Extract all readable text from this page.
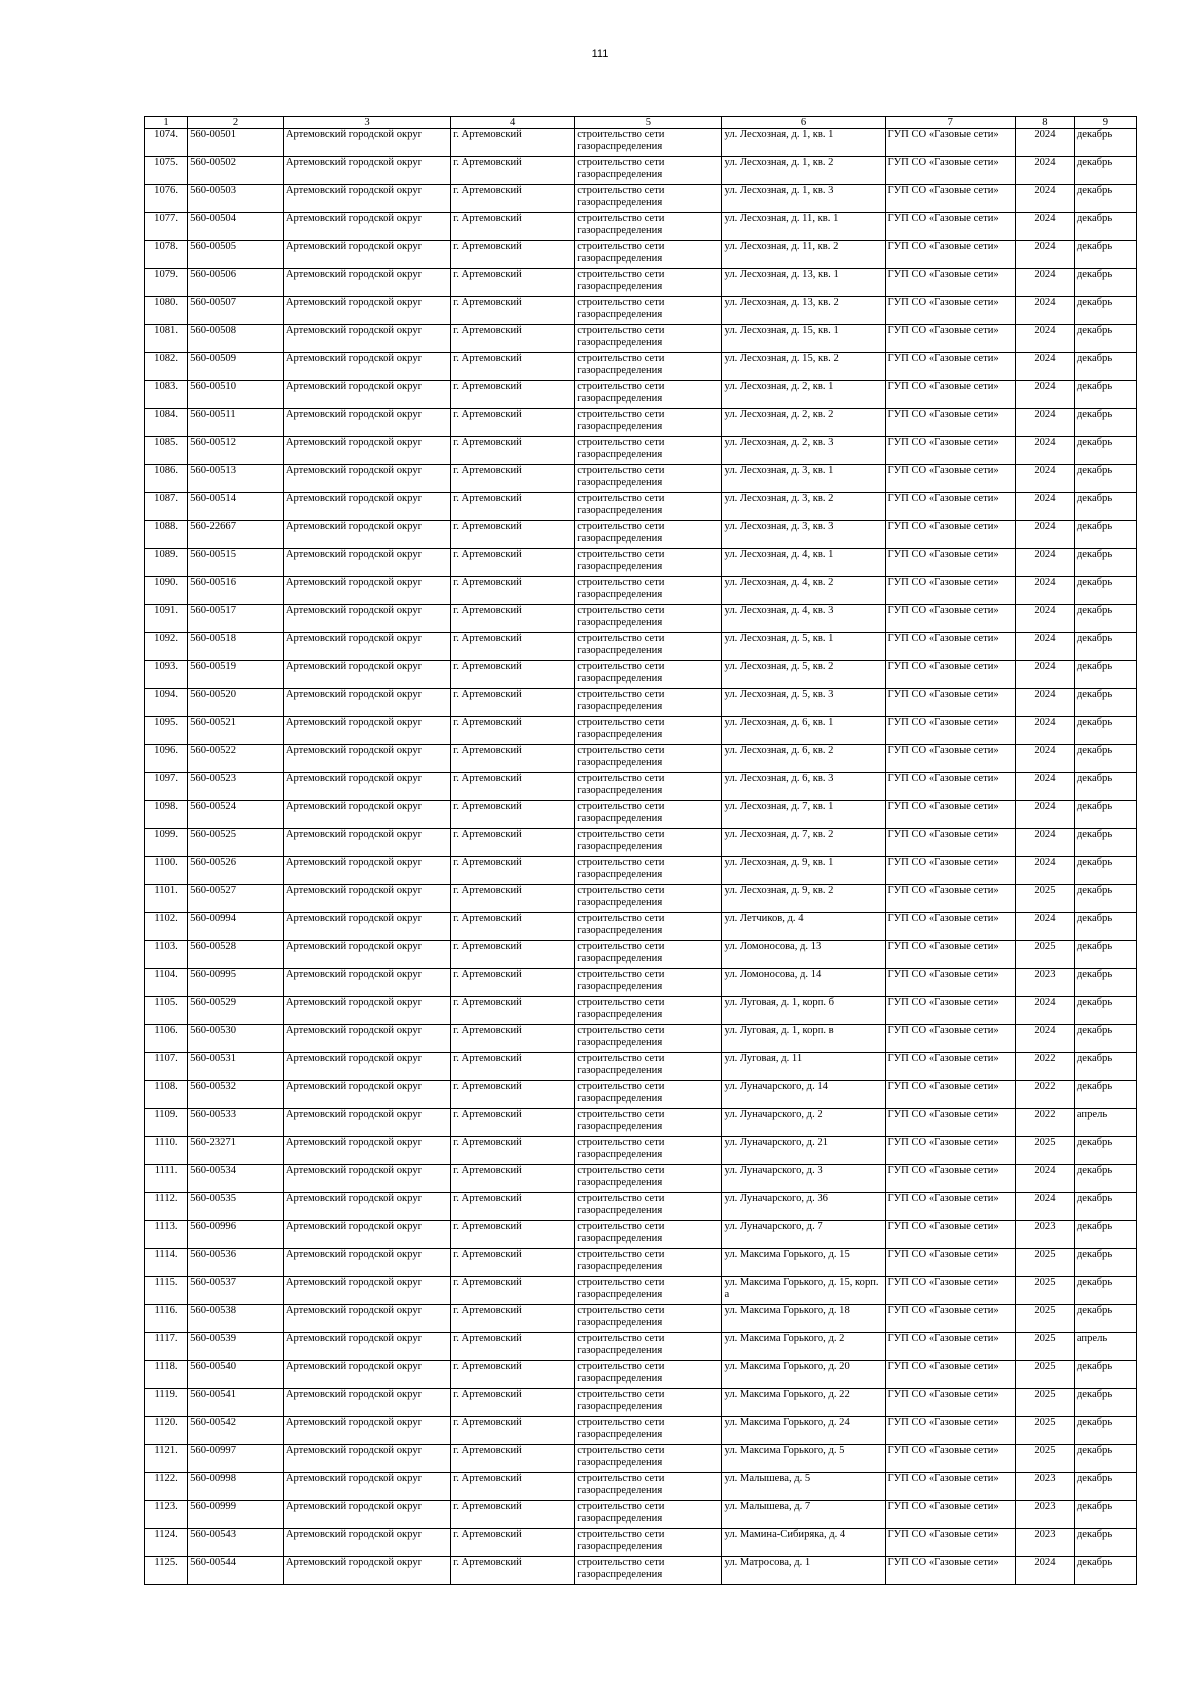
111
1	2	3	4	5	6	7	8	9
1074.	560-00501	Артемовский городской округ	г. Артемовский	строительство сети газораспределения	ул. Лесхозная, д. 1, кв. 1	ГУП СО «Газовые сети»	2024	декабрь
1075.	560-00502	Артемовский городской округ	г. Артемовский	строительство сети газораспределения	ул. Лесхозная, д. 1, кв. 2	ГУП СО «Газовые сети»	2024	декабрь
1076.	560-00503	Артемовский городской округ	г. Артемовский	строительство сети газораспределения	ул. Лесхозная, д. 1, кв. 3	ГУП СО «Газовые сети»	2024	декабрь
1077.	560-00504	Артемовский городской округ	г. Артемовский	строительство сети газораспределения	ул. Лесхозная, д. 11, кв. 1	ГУП СО «Газовые сети»	2024	декабрь
1078.	560-00505	Артемовский городской округ	г. Артемовский	строительство сети газораспределения	ул. Лесхозная, д. 11, кв. 2	ГУП СО «Газовые сети»	2024	декабрь
1079.	560-00506	Артемовский городской округ	г. Артемовский	строительство сети газораспределения	ул. Лесхозная, д. 13, кв. 1	ГУП СО «Газовые сети»	2024	декабрь
1080.	560-00507	Артемовский городской округ	г. Артемовский	строительство сети газораспределения	ул. Лесхозная, д. 13, кв. 2	ГУП СО «Газовые сети»	2024	декабрь
1081.	560-00508	Артемовский городской округ	г. Артемовский	строительство сети газораспределения	ул. Лесхозная, д. 15, кв. 1	ГУП СО «Газовые сети»	2024	декабрь
1082.	560-00509	Артемовский городской округ	г. Артемовский	строительство сети газораспределения	ул. Лесхозная, д. 15, кв. 2	ГУП СО «Газовые сети»	2024	декабрь
1083.	560-00510	Артемовский городской округ	г. Артемовский	строительство сети газораспределения	ул. Лесхозная, д. 2, кв. 1	ГУП СО «Газовые сети»	2024	декабрь
1084.	560-00511	Артемовский городской округ	г. Артемовский	строительство сети газораспределения	ул. Лесхозная, д. 2, кв. 2	ГУП СО «Газовые сети»	2024	декабрь
1085.	560-00512	Артемовский городской округ	г. Артемовский	строительство сети газораспределения	ул. Лесхозная, д. 2, кв. 3	ГУП СО «Газовые сети»	2024	декабрь
1086.	560-00513	Артемовский городской округ	г. Артемовский	строительство сети газораспределения	ул. Лесхозная, д. 3, кв. 1	ГУП СО «Газовые сети»	2024	декабрь
1087.	560-00514	Артемовский городской округ	г. Артемовский	строительство сети газораспределения	ул. Лесхозная, д. 3, кв. 2	ГУП СО «Газовые сети»	2024	декабрь
1088.	560-22667	Артемовский городской округ	г. Артемовский	строительство сети газораспределения	ул. Лесхозная, д. 3, кв. 3	ГУП СО «Газовые сети»	2024	декабрь
1089.	560-00515	Артемовский городской округ	г. Артемовский	строительство сети газораспределения	ул. Лесхозная, д. 4, кв. 1	ГУП СО «Газовые сети»	2024	декабрь
1090.	560-00516	Артемовский городской округ	г. Артемовский	строительство сети газораспределения	ул. Лесхозная, д. 4, кв. 2	ГУП СО «Газовые сети»	2024	декабрь
1091.	560-00517	Артемовский городской округ	г. Артемовский	строительство сети газораспределения	ул. Лесхозная, д. 4, кв. 3	ГУП СО «Газовые сети»	2024	декабрь
1092.	560-00518	Артемовский городской округ	г. Артемовский	строительство сети газораспределения	ул. Лесхозная, д. 5, кв. 1	ГУП СО «Газовые сети»	2024	декабрь
1093.	560-00519	Артемовский городской округ	г. Артемовский	строительство сети газораспределения	ул. Лесхозная, д. 5, кв. 2	ГУП СО «Газовые сети»	2024	декабрь
1094.	560-00520	Артемовский городской округ	г. Артемовский	строительство сети газораспределения	ул. Лесхозная, д. 5, кв. 3	ГУП СО «Газовые сети»	2024	декабрь
1095.	560-00521	Артемовский городской округ	г. Артемовский	строительство сети газораспределения	ул. Лесхозная, д. 6, кв. 1	ГУП СО «Газовые сети»	2024	декабрь
1096.	560-00522	Артемовский городской округ	г. Артемовский	строительство сети газораспределения	ул. Лесхозная, д. 6, кв. 2	ГУП СО «Газовые сети»	2024	декабрь
1097.	560-00523	Артемовский городской округ	г. Артемовский	строительство сети газораспределения	ул. Лесхозная, д. 6, кв. 3	ГУП СО «Газовые сети»	2024	декабрь
1098.	560-00524	Артемовский городской округ	г. Артемовский	строительство сети газораспределения	ул. Лесхозная, д. 7, кв. 1	ГУП СО «Газовые сети»	2024	декабрь
1099.	560-00525	Артемовский городской округ	г. Артемовский	строительство сети газораспределения	ул. Лесхозная, д. 7, кв. 2	ГУП СО «Газовые сети»	2024	декабрь
1100.	560-00526	Артемовский городской округ	г. Артемовский	строительство сети газораспределения	ул. Лесхозная, д. 9, кв. 1	ГУП СО «Газовые сети»	2024	декабрь
1101.	560-00527	Артемовский городской округ	г. Артемовский	строительство сети газораспределения	ул. Лесхозная, д. 9, кв. 2	ГУП СО «Газовые сети»	2025	декабрь
1102.	560-00994	Артемовский городской округ	г. Артемовский	строительство сети газораспределения	ул. Летчиков, д. 4	ГУП СО «Газовые сети»	2024	декабрь
1103.	560-00528	Артемовский городской округ	г. Артемовский	строительство сети газораспределения	ул. Ломоносова, д. 13	ГУП СО «Газовые сети»	2025	декабрь
1104.	560-00995	Артемовский городской округ	г. Артемовский	строительство сети газораспределения	ул. Ломоносова, д. 14	ГУП СО «Газовые сети»	2023	декабрь
1105.	560-00529	Артемовский городской округ	г. Артемовский	строительство сети газораспределения	ул. Луговая, д. 1, корп. б	ГУП СО «Газовые сети»	2024	декабрь
1106.	560-00530	Артемовский городской округ	г. Артемовский	строительство сети газораспределения	ул. Луговая, д. 1, корп. в	ГУП СО «Газовые сети»	2024	декабрь
1107.	560-00531	Артемовский городской округ	г. Артемовский	строительство сети газораспределения	ул. Луговая, д. 11	ГУП СО «Газовые сети»	2022	декабрь
1108.	560-00532	Артемовский городской округ	г. Артемовский	строительство сети газораспределения	ул. Луначарского, д. 14	ГУП СО «Газовые сети»	2022	декабрь
1109.	560-00533	Артемовский городской округ	г. Артемовский	строительство сети газораспределения	ул. Луначарского, д. 2	ГУП СО «Газовые сети»	2022	апрель
1110.	560-23271	Артемовский городской округ	г. Артемовский	строительство сети газораспределения	ул. Луначарского, д. 21	ГУП СО «Газовые сети»	2025	декабрь
1111.	560-00534	Артемовский городской округ	г. Артемовский	строительство сети газораспределения	ул. Луначарского, д. 3	ГУП СО «Газовые сети»	2024	декабрь
1112.	560-00535	Артемовский городской округ	г. Артемовский	строительство сети газораспределения	ул. Луначарского, д. 36	ГУП СО «Газовые сети»	2024	декабрь
1113.	560-00996	Артемовский городской округ	г. Артемовский	строительство сети газораспределения	ул. Луначарского, д. 7	ГУП СО «Газовые сети»	2023	декабрь
1114.	560-00536	Артемовский городской округ	г. Артемовский	строительство сети газораспределения	ул. Максима Горького, д. 15	ГУП СО «Газовые сети»	2025	декабрь
1115.	560-00537	Артемовский городской округ	г. Артемовский	строительство сети газораспределения	ул. Максима Горького, д. 15, корп. а	ГУП СО «Газовые сети»	2025	декабрь
1116.	560-00538	Артемовский городской округ	г. Артемовский	строительство сети газораспределения	ул. Максима Горького, д. 18	ГУП СО «Газовые сети»	2025	декабрь
1117.	560-00539	Артемовский городской округ	г. Артемовский	строительство сети газораспределения	ул. Максима Горького, д. 2	ГУП СО «Газовые сети»	2025	апрель
1118.	560-00540	Артемовский городской округ	г. Артемовский	строительство сети газораспределения	ул. Максима Горького, д. 20	ГУП СО «Газовые сети»	2025	декабрь
1119.	560-00541	Артемовский городской округ	г. Артемовский	строительство сети газораспределения	ул. Максима Горького, д. 22	ГУП СО «Газовые сети»	2025	декабрь
1120.	560-00542	Артемовский городской округ	г. Артемовский	строительство сети газораспределения	ул. Максима Горького, д. 24	ГУП СО «Газовые сети»	2025	декабрь
1121.	560-00997	Артемовский городской округ	г. Артемовский	строительство сети газораспределения	ул. Максима Горького, д. 5	ГУП СО «Газовые сети»	2025	декабрь
1122.	560-00998	Артемовский городской округ	г. Артемовский	строительство сети газораспределения	ул. Малышева, д. 5	ГУП СО «Газовые сети»	2023	декабрь
1123.	560-00999	Артемовский городской округ	г. Артемовский	строительство сети газораспределения	ул. Малышева, д. 7	ГУП СО «Газовые сети»	2023	декабрь
1124.	560-00543	Артемовский городской округ	г. Артемовский	строительство сети газораспределения	ул. Мамина-Сибиряка, д. 4	ГУП СО «Газовые сети»	2023	декабрь
1125.	560-00544	Артемовский городской округ	г. Артемовский	строительство сети газораспределения	ул. Матросова, д. 1	ГУП СО «Газовые сети»	2024	декабрь
